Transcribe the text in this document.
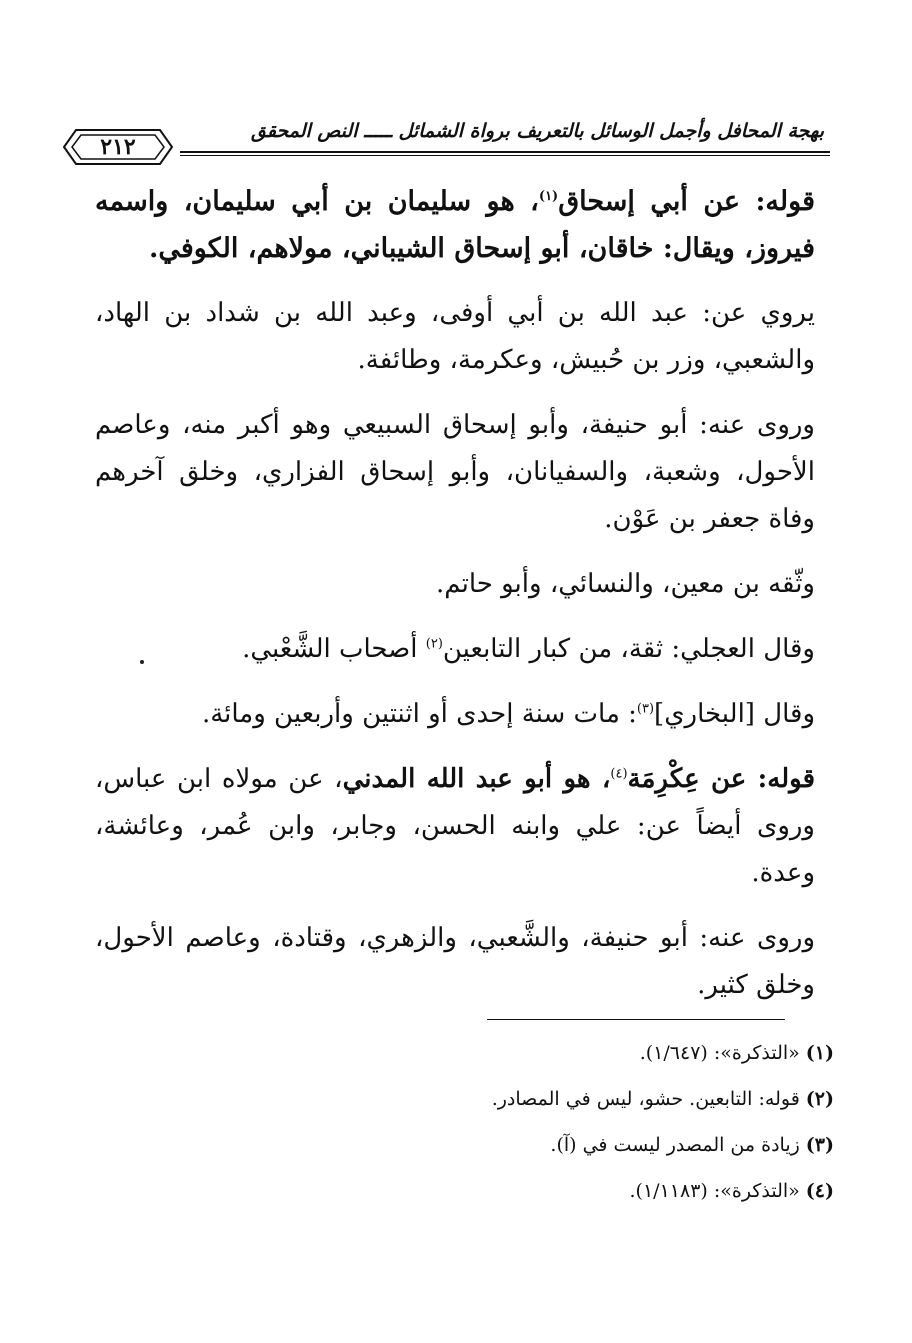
٢١٢
بهجة المحافل وأجمل الوسائل بالتعريف برواة الشمائل ـــــ النص المحقق

قوله: عن أبي إسحاق$^{(١)}$، هو سليمان بن أبي سليمان، واسمه فيروز، ويقال: خاقان، أبو إسحاق الشيباني، مولاهم، الكوفي.

يروي عن: عبد الله بن أبي أوفى، وعبد الله بن شداد بن الهاد، والشعبي، وزر بن حُبيش، وعكرمة، وطائفة.

وروى عنه: أبو حنيفة، وأبو إسحاق السبيعي وهو أكبر منه، وعاصم الأحول، وشعبة، والسفيانان، وأبو إسحاق الفزاري، وخلق آخرهم وفاة جعفر بن عَوْن.

وثّقه بن معين، والنسائي، وأبو حاتم.

وقال العجلي: ثقة، من كبار التابعين$^{(٢)}$ أصحاب الشَّعْبي.

وقال [البخاري]$^{(٣)}$: مات سنة إحدى أو اثنتين وأربعين ومائة.

قوله: عن عِكْرِمَة$^{(٤)}$، هو أبو عبد الله المدني، عن مولاه ابن عباس، وروى أيضاً عن: علي وابنه الحسن، وجابر، وابن عُمر، وعائشة، وعدة.

وروى عنه: أبو حنيفة، والشَّعبي، والزهري، وقتادة، وعاصم الأحول، وخلق كثير.

(١)«التذكرة»: (١/٦٤٧).
(٢)قوله: التابعين. حشو، ليس في المصادر.
(٣)زيادة من المصدر ليست في (آ).
(٤)«التذكرة»: (١/١١٨٣).
